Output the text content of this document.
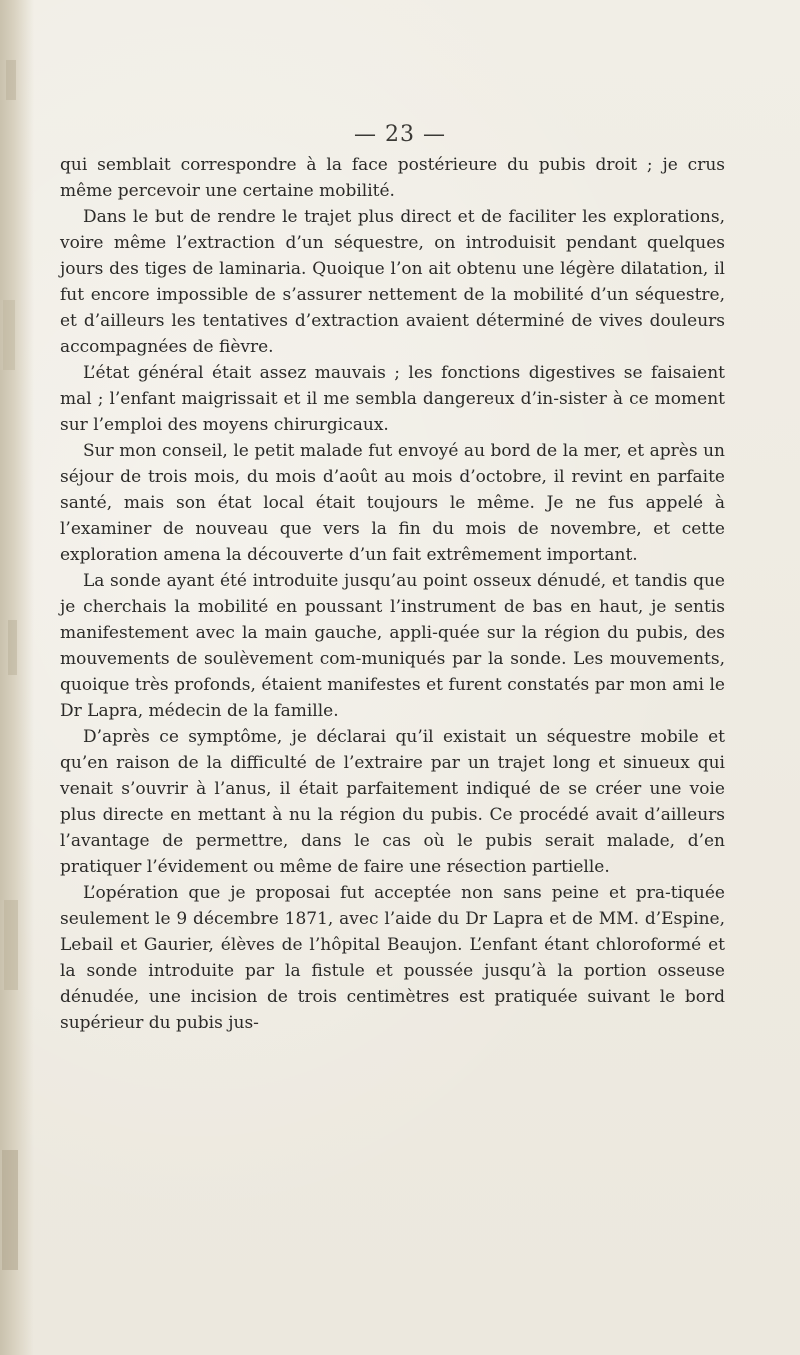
— 23 —

qui semblait correspondre à la face postérieure du pubis droit ; je crus même percevoir une certaine mobilité.

Dans le but de rendre le trajet plus direct et de faciliter les explorations, voire même l’extraction d’un séquestre, on introduisit pendant quelques jours des tiges de laminaria. Quoique l’on ait obtenu une légère dilatation, il fut encore impossible de s’assurer nettement de la mobilité d’un séquestre, et d’ailleurs les tentatives d’extraction avaient déterminé de vives douleurs accompagnées de fièvre.

L’état général était assez mauvais ; les fonctions digestives se faisaient mal ; l’enfant maigrissait et il me sembla dangereux d’in-sister à ce moment sur l’emploi des moyens chirurgicaux.

Sur mon conseil, le petit malade fut envoyé au bord de la mer, et après un séjour de trois mois, du mois d’août au mois d’octobre, il revint en parfaite santé, mais son état local était toujours le même. Je ne fus appelé à l’examiner de nouveau que vers la fin du mois de novembre, et cette exploration amena la découverte d’un fait extrêmement important.

La sonde ayant été introduite jusqu’au point osseux dénudé, et tandis que je cherchais la mobilité en poussant l’instrument de bas en haut, je sentis manifestement avec la main gauche, appli-quée sur la région du pubis, des mouvements de soulèvement com-muniqués par la sonde. Les mouvements, quoique très profonds, étaient manifestes et furent constatés par mon ami le Dr Lapra, médecin de la famille.

D’après ce symptôme, je déclarai qu’il existait un séquestre mobile et qu’en raison de la difficulté de l’extraire par un trajet long et sinueux qui venait s’ouvrir à l’anus, il était parfaitement indiqué de se créer une voie plus directe en mettant à nu la région du pubis. Ce procédé avait d’ailleurs l’avantage de permettre, dans le cas où le pubis serait malade, d’en pratiquer l’évidement ou même de faire une résection partielle.

L’opération que je proposai fut acceptée non sans peine et pra-tiquée seulement le 9 décembre 1871, avec l’aide du Dr Lapra et de MM. d’Espine, Lebail et Gaurier, élèves de l’hôpital Beaujon. L’enfant étant chloroformé et la sonde introduite par la fistule et poussée jusqu’à la portion osseuse dénudée, une incision de trois centimètres est pratiquée suivant le bord supérieur du pubis jus-
